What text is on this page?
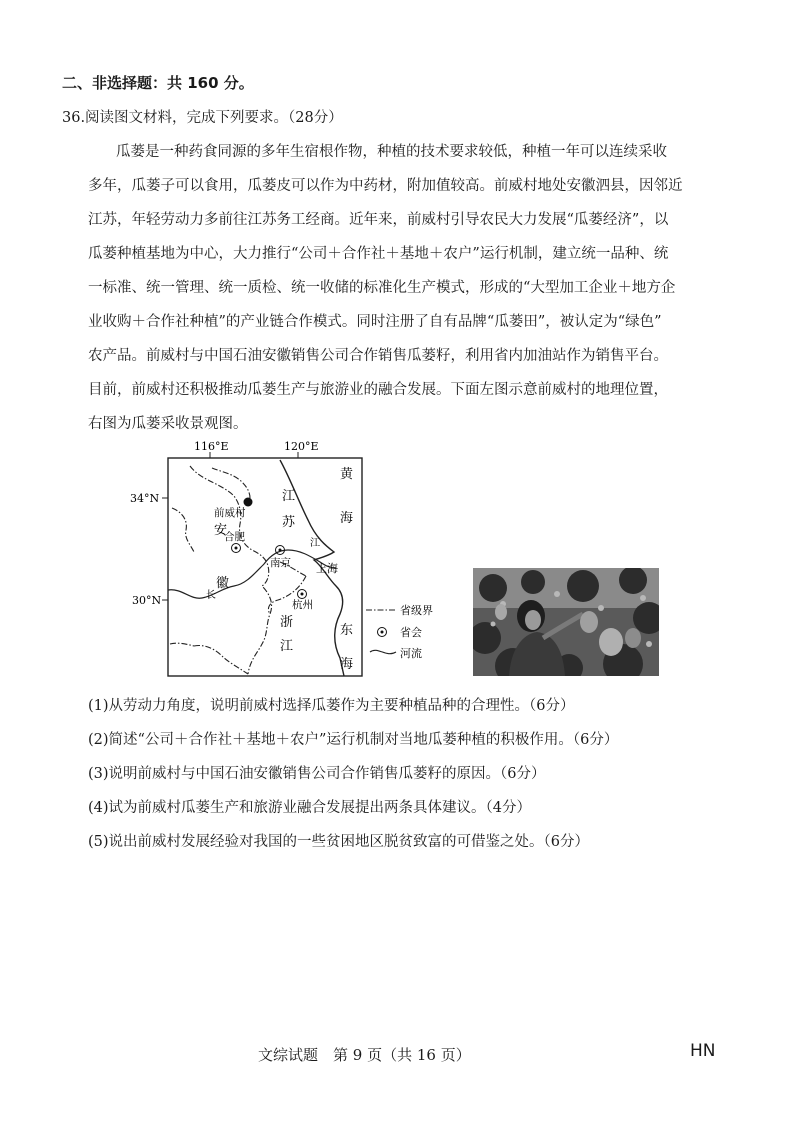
二、非选择题：共 160 分。
36.阅读图文材料，完成下列要求。（28分）
瓜蒌是一种药食同源的多年生宿根作物，种植的技术要求较低，种植一年可以连续采收
多年，瓜蒌子可以食用，瓜蒌皮可以作为中药材，附加值较高。前威村地处安徽泗县，因邻近
江苏，年轻劳动力多前往江苏务工经商。近年来，前威村引导农民大力发展“瓜蒌经济”，以
瓜蒌种植基地为中心，大力推行“公司＋合作社＋基地＋农户”运行机制，建立统一品种、统
一标准、统一管理、统一质检、统一收储的标准化生产模式，形成的“大型加工企业＋地方企
业收购＋合作社种植”的产业链合作模式。同时注册了自有品牌“瓜蒌田”，被认定为“绿色”
农产品。前威村与中国石油安徽销售公司合作销售瓜蒌籽，利用省内加油站作为销售平台。
目前，前威村还积极推动瓜蒌生产与旅游业的融合发展。下面左图示意前威村的地理位置，
右图为瓜蒌采收景观图。
116°E	120°E
34°N
30°N
前威村
安
徽
合肥
南京
杭州
上海
江
苏
浙
江
长
江
黄
海
东
海
省级界
省会
河流
(1)从劳动力角度，说明前威村选择瓜蒌作为主要种植品种的合理性。（6分）
(2)简述“公司＋合作社＋基地＋农户”运行机制对当地瓜蒌种植的积极作用。（6分）
(3)说明前威村与中国石油安徽销售公司合作销售瓜蒌籽的原因。（6分）
(4)试为前威村瓜蒌生产和旅游业融合发展提出两条具体建议。（4分）
(5)说出前威村发展经验对我国的一些贫困地区脱贫致富的可借鉴之处。（6分）
文综试题　第 9 页（共 16 页）	HN
